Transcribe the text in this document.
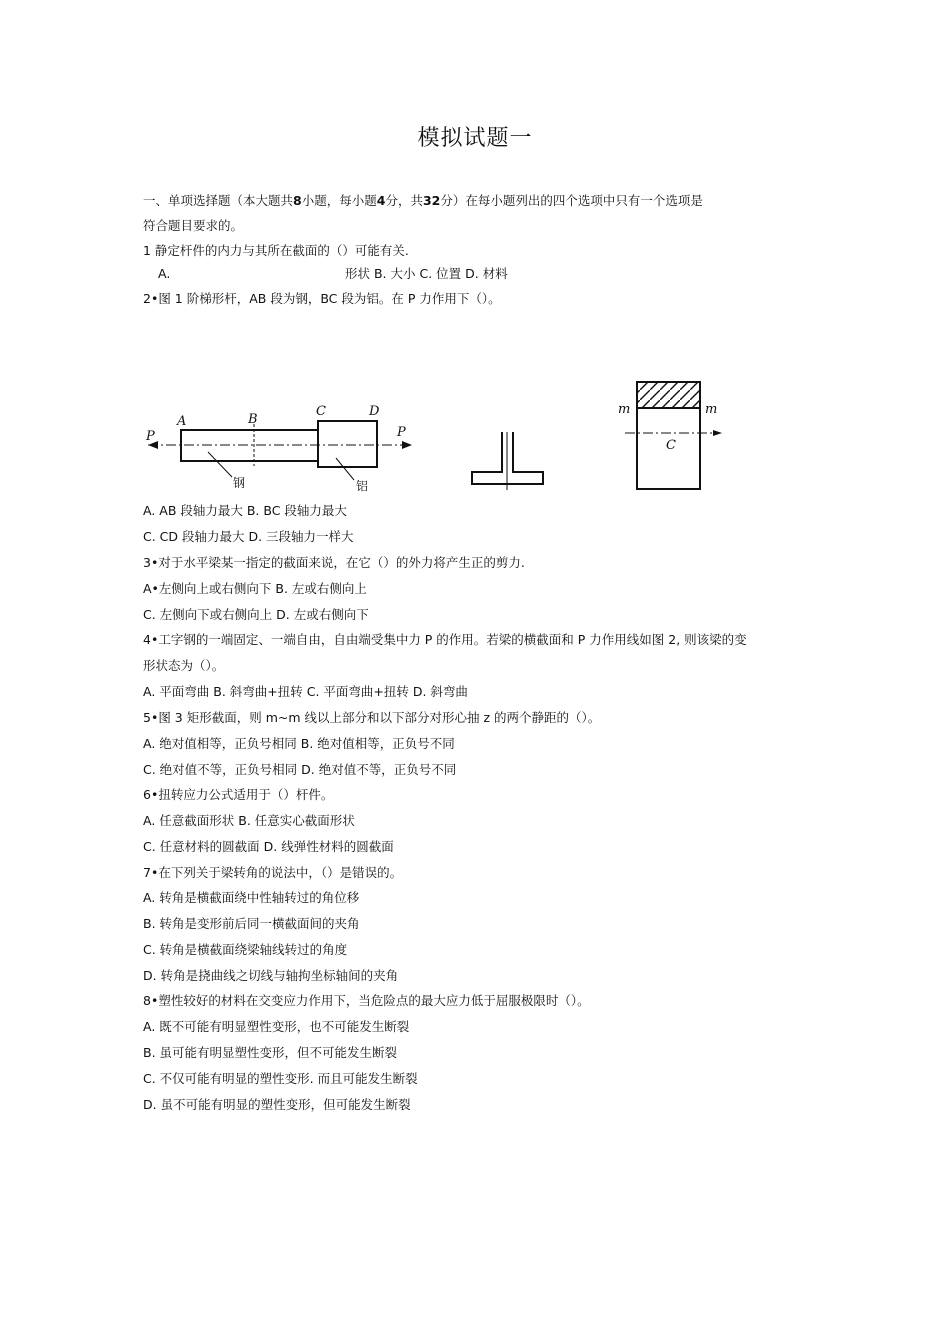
模拟试题一
一、单项选择题（本大题共8小题，每小题4分，共32分）在每小题列出的四个选项中只有一个选项是
符合题目要求的。
1 静定杆件的内力与其所在截面的（）可能有关.
A.	形状 B. 大小 C. 位置 D. 材料
2•图 1 阶梯形杆，AB 段为钢，BC 段为铝。在 P 力作用下（）。
P	P
A	B
C	D
钢	铝
m	m
C
A. AB 段轴力最大 B. BC 段轴力最大
C. CD 段轴力最大 D. 三段轴力一样大
3•对于水平梁某一指定的截面来说，在它（）的外力将产生正的剪力.
A•左侧向上或右侧向下 B. 左或右侧向上
C. 左侧向下或右侧向上 D. 左或右侧向下
4•工字钢的一端固定、一端自由，自由端受集中力 P 的作用。若梁的横截面和 P 力作用线如图 2, 则该梁的变
形状态为（）。
A. 平面弯曲 B. 斜弯曲+扭转 C. 平面弯曲+扭转 D. 斜弯曲
5•图 3 矩形截面，则 m~m 线以上部分和以下部分对形心抽 z 的两个静距的（）。
A. 绝对值相等，正负号相同 B. 绝对值相等，正负号不同
C. 绝对值不等，正负号相同 D. 绝对值不等，正负号不同
6•扭转应力公式适用于（）杆件。
A. 任意截面形状 B. 任意实心截面形状
C. 任意材料的圆截面 D. 线弹性材料的圆截面
7•在下列关于梁转角的说法中，（）是错误的。
A. 转角是横截面绕中性轴转过的角位移
B. 转角是变形前后同一横截面间的夹角
C. 转角是横截面绕梁轴线转过的角度
D. 转角是挠曲线之切线与轴拘坐标轴间的夹角
8•塑性较好的材料在交变应力作用下，当危险点的最大应力低于屈服极限时（）。
A. 既不可能有明显塑性变形，也不可能发生断裂
B. 虽可能有明显塑性变形，但不可能发生断裂
C. 不仅可能有明显的塑性变形. 而且可能发生断裂
D. 虽不可能有明显的塑性变形，但可能发生断裂
